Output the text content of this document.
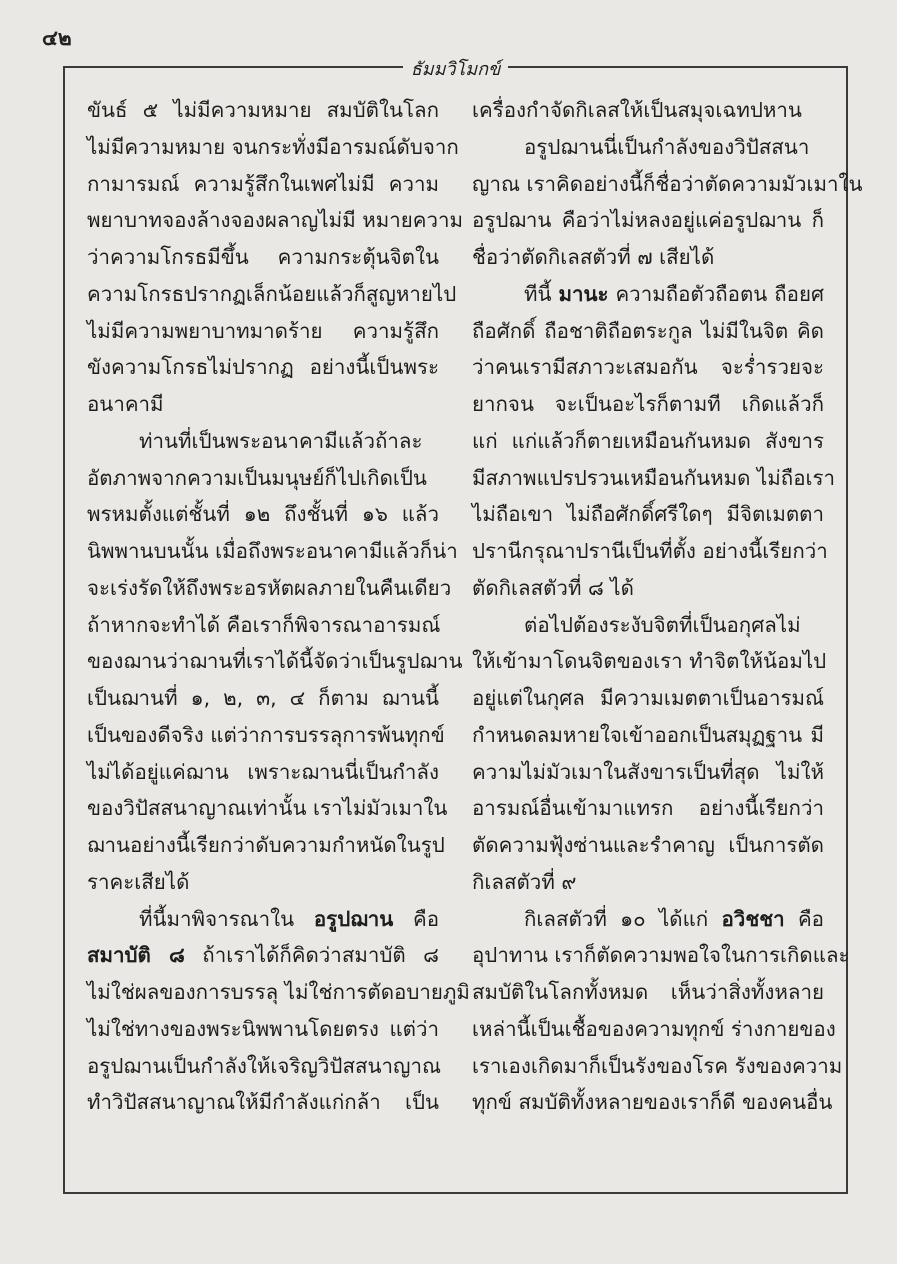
๔๒
ธัมมวิโมกข์
ขันธ์ ๕ ไม่มีความหมาย สมบัติในโลก
ไม่มีความหมาย จนกระทั่งมีอารมณ์ดับจาก
กามารมณ์ ความรู้สึกในเพศไม่มี ความ
พยาบาทจองล้างจองผลาญไม่มี หมายความ
ว่าความโกรธมีขึ้น ความกระตุ้นจิตใน
ความโกรธปรากฏเล็กน้อยแล้วก็สูญหายไป
ไม่มีความพยาบาทมาดร้าย ความรู้สึก
ขังความโกรธไม่ปรากฏ อย่างนี้เป็นพระ
อนาคามี
ท่านที่เป็นพระอนาคามีแล้วถ้าละ
อัตภาพจากความเป็นมนุษย์ก็ไปเกิดเป็น
พรหมตั้งแต่ชั้นที่ ๑๒ ถึงชั้นที่ ๑๖ แล้ว
นิพพานบนนั้น เมื่อถึงพระอนาคามีแล้วก็น่า
จะเร่งรัดให้ถึงพระอรหัตผลภายในคืนเดียว
ถ้าหากจะทำได้ คือเราก็พิจารณาอารมณ์
ของฌานว่าฌานที่เราได้นี้จัดว่าเป็นรูปฌาน
เป็นฌานที่ ๑, ๒, ๓, ๔ ก็ตาม ฌานนี้
เป็นของดีจริง แต่ว่าการบรรลุการพ้นทุกข์
ไม่ได้อยู่แค่ฌาน เพราะฌานนี่เป็นกำลัง
ของวิปัสสนาญาณเท่านั้น เราไม่มัวเมาใน
ฌานอย่างนี้เรียกว่าดับความกำหนัดในรูป
ราคะเสียได้
ที่นี้มาพิจารณาใน อรูปฌาน คือ
สมาบัติ ๘ ถ้าเราได้ก็คิดว่าสมาบัติ ๘
ไม่ใช่ผลของการบรรลุ ไม่ใช่การตัดอบายภูมิ
ไม่ใช่ทางของพระนิพพานโดยตรง แต่ว่า
อรูปฌานเป็นกำลังให้เจริญวิปัสสนาญาณ
ทำวิปัสสนาญาณให้มีกำลังแก่กล้า เป็น
เครื่องกำจัดกิเลสให้เป็นสมุจเฉทปหาน
อรูปฌานนี่เป็นกำลังของวิปัสสนา
ญาณ เราคิดอย่างนี้ก็ชื่อว่าตัดความมัวเมาใน
อรูปฌาน คือว่าไม่หลงอยู่แค่อรูปฌาน ก็
ชื่อว่าตัดกิเลสตัวที่ ๗ เสียได้
ทีนี้ มานะ ความถือตัวถือตน ถือยศ
ถือศักดิ์ ถือชาติถือตระกูล ไม่มีในจิต คิด
ว่าคนเรามีสภาวะเสมอกัน จะร่ำรวยจะ
ยากจน จะเป็นอะไรก็ตามที เกิดแล้วก็
แก่ แก่แล้วก็ตายเหมือนกันหมด สังขาร
มีสภาพแปรปรวนเหมือนกันหมด ไม่ถือเรา
ไม่ถือเขา ไม่ถือศักดิ์ศรีใดๆ มีจิตเมตตา
ปรานีกรุณาปรานีเป็นที่ตั้ง อย่างนี้เรียกว่า
ตัดกิเลสตัวที่ ๘ ได้
ต่อไปต้องระงับจิตที่เป็นอกุศลไม่
ให้เข้ามาโดนจิตของเรา ทำจิตให้น้อมไป
อยู่แต่ในกุศล มีความเมตตาเป็นอารมณ์
กำหนดลมหายใจเข้าออกเป็นสมุฏฐาน มี
ความไม่มัวเมาในสังขารเป็นที่สุด ไม่ให้
อารมณ์อื่นเข้ามาแทรก อย่างนี้เรียกว่า
ตัดความฟุ้งซ่านและรำคาญ เป็นการตัด
กิเลสตัวที่ ๙
กิเลสตัวที่ ๑๐ ได้แก่ อวิชชา คือ
อุปาทาน เราก็ตัดความพอใจในการเกิดและ
สมบัติในโลกทั้งหมด เห็นว่าสิ่งทั้งหลาย
เหล่านี้เป็นเชื้อของความทุกข์ ร่างกายของ
เราเองเกิดมาก็เป็นรังของโรค รังของความ
ทุกข์ สมบัติทั้งหลายของเราก็ดี ของคนอื่น
